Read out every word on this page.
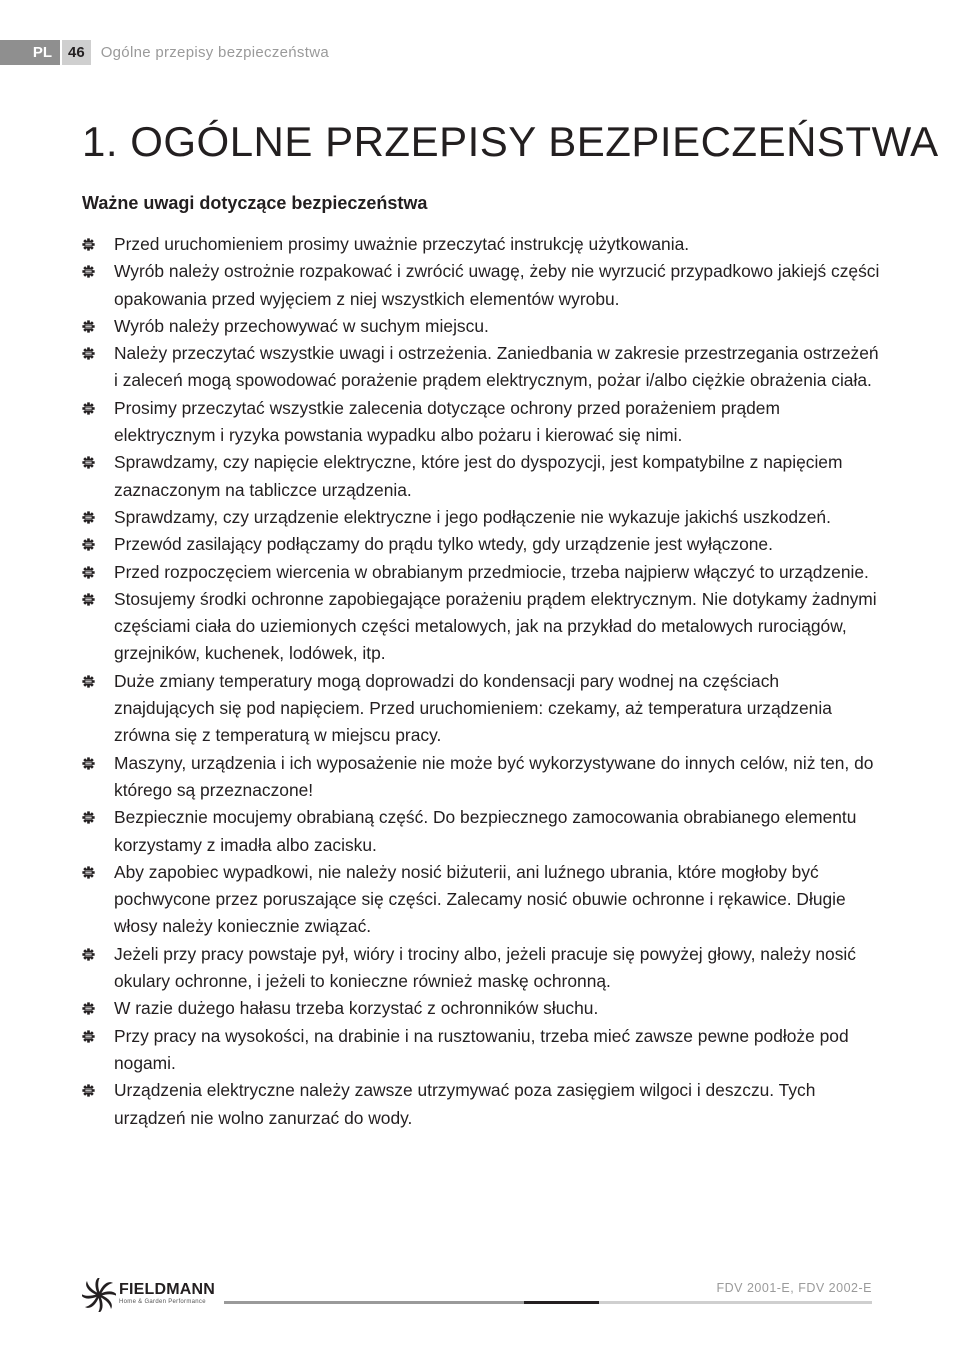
PL	46	Ogólne przepisy bezpieczeństwa
1. OGÓLNE PRZEPISY BEZPIECZEŃSTWA
Ważne uwagi dotyczące bezpieczeństwa
Przed uruchomieniem prosimy uważnie przeczytać instrukcję użytkowania.
Wyrób należy ostrożnie rozpakować i zwrócić uwagę, żeby nie wyrzucić przypadkowo jakiejś części opakowania przed wyjęciem z niej wszystkich elementów wyrobu.
Wyrób należy przechowywać w suchym miejscu.
Należy przeczytać wszystkie uwagi i ostrzeżenia. Zaniedbania w zakresie przestrzegania ostrzeżeń i zaleceń mogą spowodować porażenie prądem elektrycznym, pożar i/albo ciężkie obrażenia ciała.
Prosimy przeczytać wszystkie zalecenia dotyczące ochrony przed porażeniem prądem elektrycznym i ryzyka powstania wypadku albo pożaru i kierować się nimi.
Sprawdzamy, czy napięcie elektryczne, które jest do dyspozycji, jest kompatybilne z napięciem zaznaczonym na tabliczce urządzenia.
Sprawdzamy, czy urządzenie elektryczne i jego podłączenie nie wykazuje jakichś uszkodzeń.
Przewód zasilający podłączamy do prądu tylko wtedy, gdy urządzenie jest wyłączone.
Przed rozpoczęciem wiercenia w obrabianym przedmiocie, trzeba najpierw włączyć to urządzenie.
Stosujemy środki ochronne zapobiegające porażeniu prądem elektrycznym. Nie dotykamy żadnymi częściami ciała do uziemionych części metalowych, jak na przykład do metalowych rurociągów, grzejników, kuchenek, lodówek, itp.
Duże zmiany temperatury mogą doprowadzi do kondensacji pary wodnej na częściach znajdujących się pod napięciem. Przed uruchomieniem: czekamy, aż temperatura urządzenia zrówna się z temperaturą w miejscu pracy.
Maszyny, urządzenia i ich wyposażenie nie może być wykorzystywane do innych celów, niż ten, do którego są przeznaczone!
Bezpiecznie mocujemy obrabianą część. Do bezpiecznego zamocowania obrabianego elementu korzystamy z imadła albo zacisku.
Aby zapobiec wypadkowi, nie należy nosić biżuterii, ani luźnego ubrania, które mogłoby być pochwycone przez poruszające się części. Zalecamy nosić obuwie ochronne i rękawice. Długie włosy należy koniecznie związać.
Jeżeli przy pracy powstaje pył, wióry i trociny albo, jeżeli pracuje się powyżej głowy, należy nosić okulary ochronne, i jeżeli to konieczne również maskę ochronną.
W razie dużego hałasu trzeba korzystać z ochronników słuchu.
Przy pracy na wysokości, na drabinie i na rusztowaniu, trzeba mieć zawsze pewne podłoże pod nogami.
Urządzenia elektryczne należy zawsze utrzymywać poza zasięgiem wilgoci i deszczu. Tych urządzeń nie wolno zanurzać do wody.
FIELDMANN
Home & Garden Performance
FDV 2001-E, FDV 2002-E
